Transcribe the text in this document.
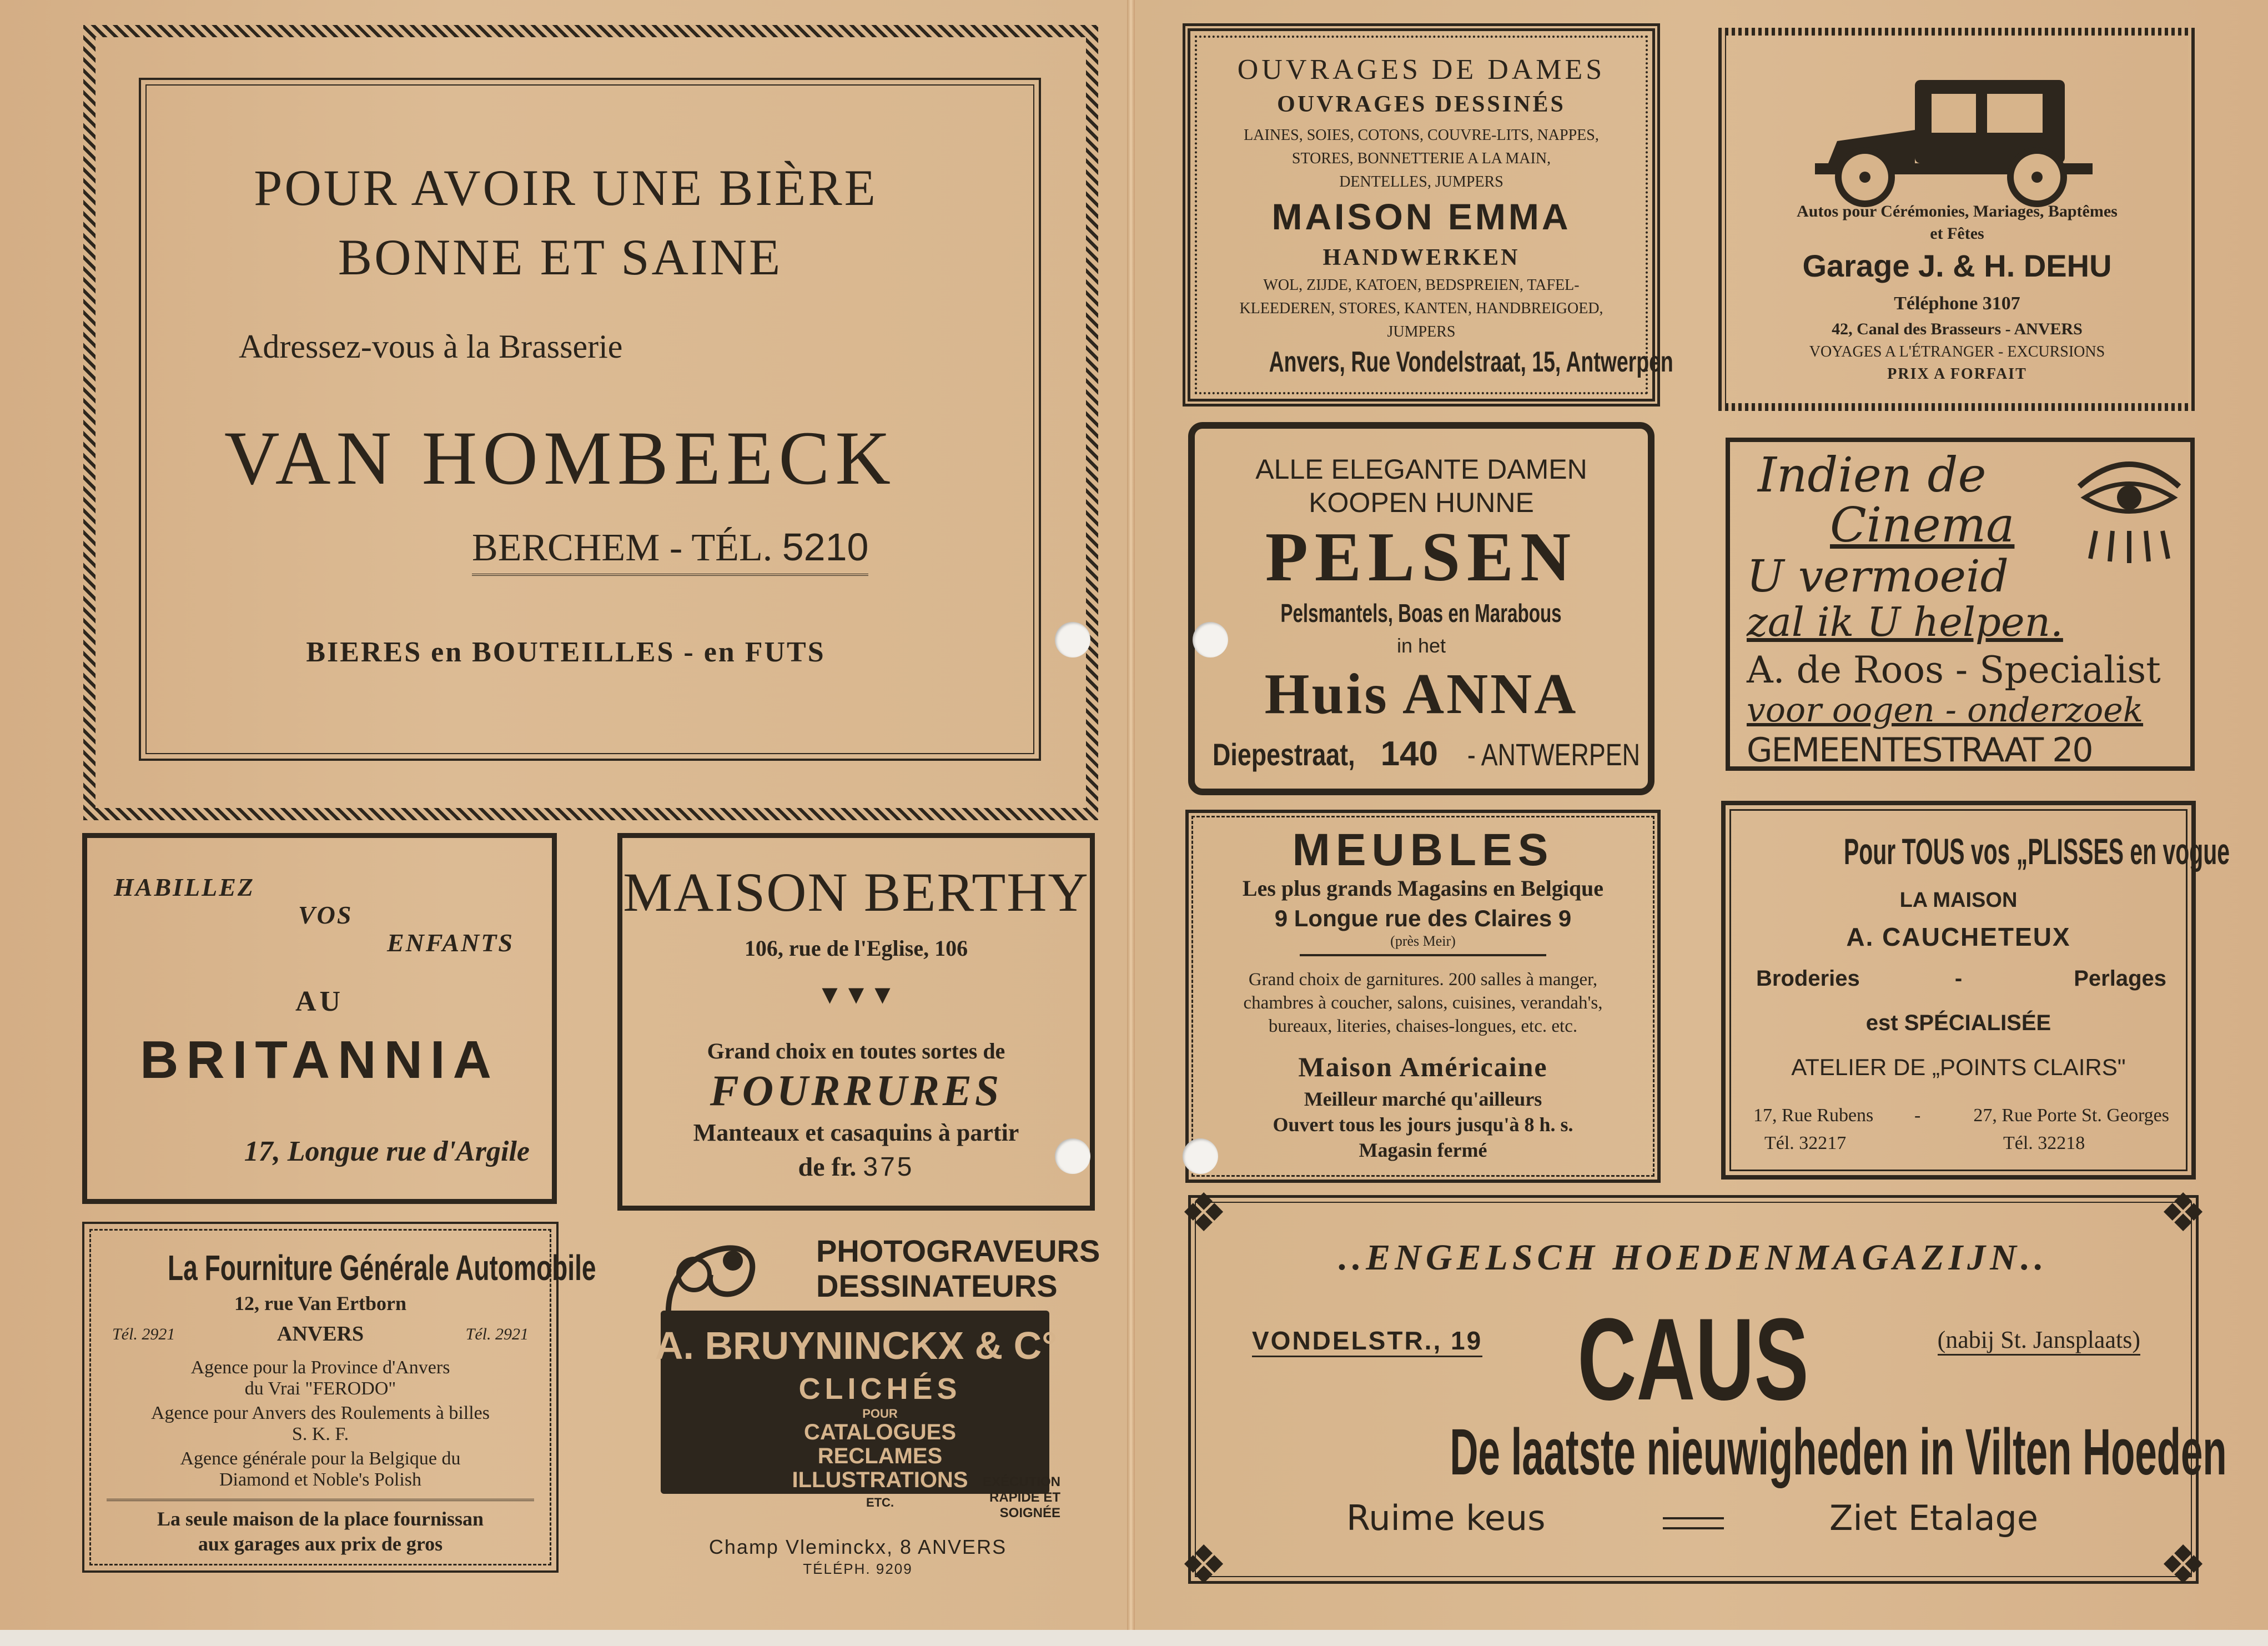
POUR AVOIR UNE BIÈRE
BONNE ET SAINE
Adressez-vous à la Brasserie
VAN HOMBEECK
BERCHEM - TÉL. 5210
BIERES en BOUTEILLES - en FUTS
HABILLEZ
VOS
ENFANTS
AU
BRITANNIA
17, Longue rue d'Argile
MAISON BERTHY
106, rue de l'Eglise, 106
▼▼▼
Grand choix en toutes sortes de
FOURRURES
Manteaux et casaquins à partir
de fr. 375
La Fourniture Générale Automobile
12, rue Van Ertborn
Tél. 2921	ANVERS	Tél. 2921
Agence pour la Province d'Anvers
du Vrai "FERODO"
Agence pour Anvers des Roulements à billes
S. K. F.
Agence générale pour la Belgique du
Diamond et Noble's Polish
La seule maison de la place fournissan
aux garages aux prix de gros
PHOTOGRAVEURS
DESSINATEURS
A. BRUYNINCKX & C°
CLICHÉS
POUR
CATALOGUES
RECLAMES
ILLUSTRATIONS
ETC.
EXÉCUTION
RAPIDE ET
SOIGNÉE
Champ Vleminckx, 8 ANVERS
TÉLÉPH. 9209
OUVRAGES DE DAMES
OUVRAGES DESSINÉS
LAINES, SOIES, COTONS, COUVRE-LITS, NAPPES,
STORES, BONNETTERIE A LA MAIN,
DENTELLES, JUMPERS
MAISON EMMA
HANDWERKEN
WOL, ZIJDE, KATOEN, BEDSPREIEN, TAFEL-
KLEEDEREN, STORES, KANTEN, HANDBREIGOED,
JUMPERS
Anvers, Rue Vondelstraat, 15, Antwerpen
Autos pour Cérémonies, Mariages, Baptêmes
et Fêtes
Garage J. & H. DEHU
Téléphone 3107
42, Canal des Brasseurs - ANVERS
VOYAGES A L'ÉTRANGER - EXCURSIONS
PRIX A FORFAIT
ALLE ELEGANTE DAMEN
KOOPEN HUNNE
PELSEN
Pelsmantels, Boas en Marabous
in het
Huis ANNA
Diepestraat, 140 - ANTWERPEN
Indien de
Cinema
U vermoeid
zal ik U helpen.
A. de Roos - Specialist
voor oogen - onderzoek
GEMEENTESTRAAT 20
MEUBLES
Les plus grands Magasins en Belgique
9 Longue rue des Claires 9
(près Meir)
Grand choix de garnitures. 200 salles à manger,
chambres à coucher, salons, cuisines, verandah's,
bureaux, literies, chaises-longues, etc. etc.
Maison Américaine
Meilleur marché qu'ailleurs
Ouvert tous les jours jusqu'à 8 h. s.
Magasin fermé
Pour TOUS vos „PLISSES en vogue
LA MAISON
A. CAUCHETEUX
Broderies	-	Perlages
est SPÉCIALISÉE
ATELIER DE „POINTS CLAIRS"
17, Rue Rubens -	27, Rue Porte St. Georges
Tél. 32217	Tél. 32218
❖	❖
❖	❖
..ENGELSCH HOEDENMAGAZIJN..
VONDELSTR., 19 CAUS	(nabij St. Jansplaats)
De laatste nieuwigheden in Vilten Hoeden
Ruime keus	Ziet Etalage
